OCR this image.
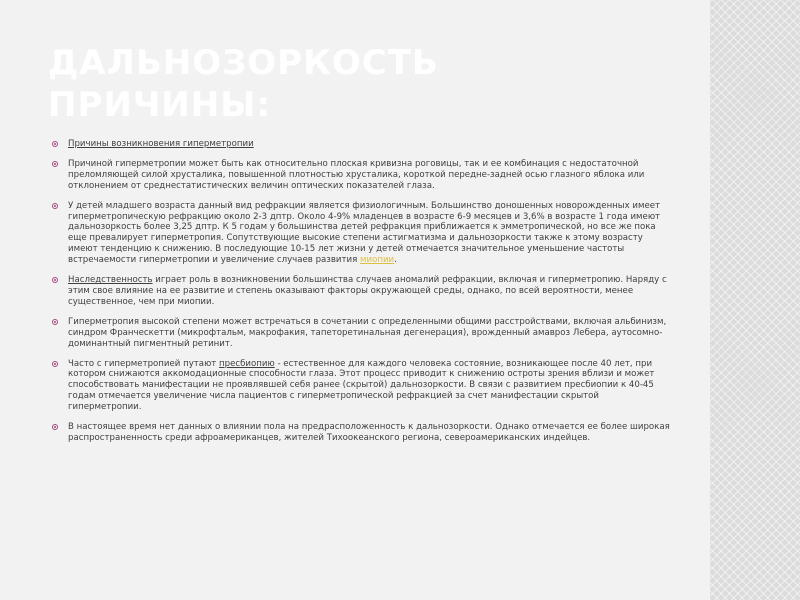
ДАЛЬНОЗОРКОСТЬ
ПРИЧИНЫ:
Причины возникновения гиперметропии
Причиной гиперметропии может быть как относительно плоская кривизна роговицы, так и ее комбинация с недостаточной преломляющей силой хрусталика, повышенной плотностью хрусталика, короткой передне-задней осью глазного яблока или отклонением от среднестатистических величин оптических показателей глаза.
У детей младшего возраста данный вид рефракции является физиологичным. Большинство доношенных новорожденных имеет гиперметропическую рефракцию около 2-3 дптр. Около 4-9% младенцев в возрасте 6-9 месяцев и 3,6% в возрасте 1 года имеют дальнозоркость более 3,25 дптр. К 5 годам у большинства детей рефракция приближается к эмметропической, но все же пока еще превалирует гиперметропия. Сопутствующие высокие степени астигматизма и дальнозоркости также к этому возрасту имеют тенденцию к снижению. В последующие 10-15 лет жизни у детей отмечается значительное уменьшение частоты встречаемости гиперметропии и увеличение случаев развития миопии.
Наследственность играет роль в возникновении большинства случаев аномалий рефракции, включая и гиперметропию. Наряду с этим свое влияние на ее развитие и степень оказывают факторы окружающей среды, однако, по всей вероятности, менее существенное, чем при миопии.
Гиперметропия высокой степени может встречаться в сочетании с определенными общими расстройствами, включая альбинизм, синдром Франческетти (микрофтальм, макрофакия, тапеторетинальная дегенерация), врожденный амавроз Лебера, аутосомно-доминантный пигментный ретинит.
Часто с гиперметропией путают пресбиопию - естественное для каждого человека состояние, возникающее после 40 лет, при котором снижаются аккомодационные способности глаза. Этот процесс приводит к снижению остроты зрения вблизи и может способствовать манифестации не проявлявшей себя ранее (скрытой) дальнозоркости. В связи с развитием пресбиопии к 40-45 годам отмечается увеличение числа пациентов с гиперметропической рефракцией за счет манифестации скрытой гиперметропии.
В настоящее время нет данных о влиянии пола на предрасположенность к дальнозоркости. Однако отмечается ее более широкая распространенность среди афроамериканцев, жителей Тихоокеанского региона, североамериканских индейцев.
